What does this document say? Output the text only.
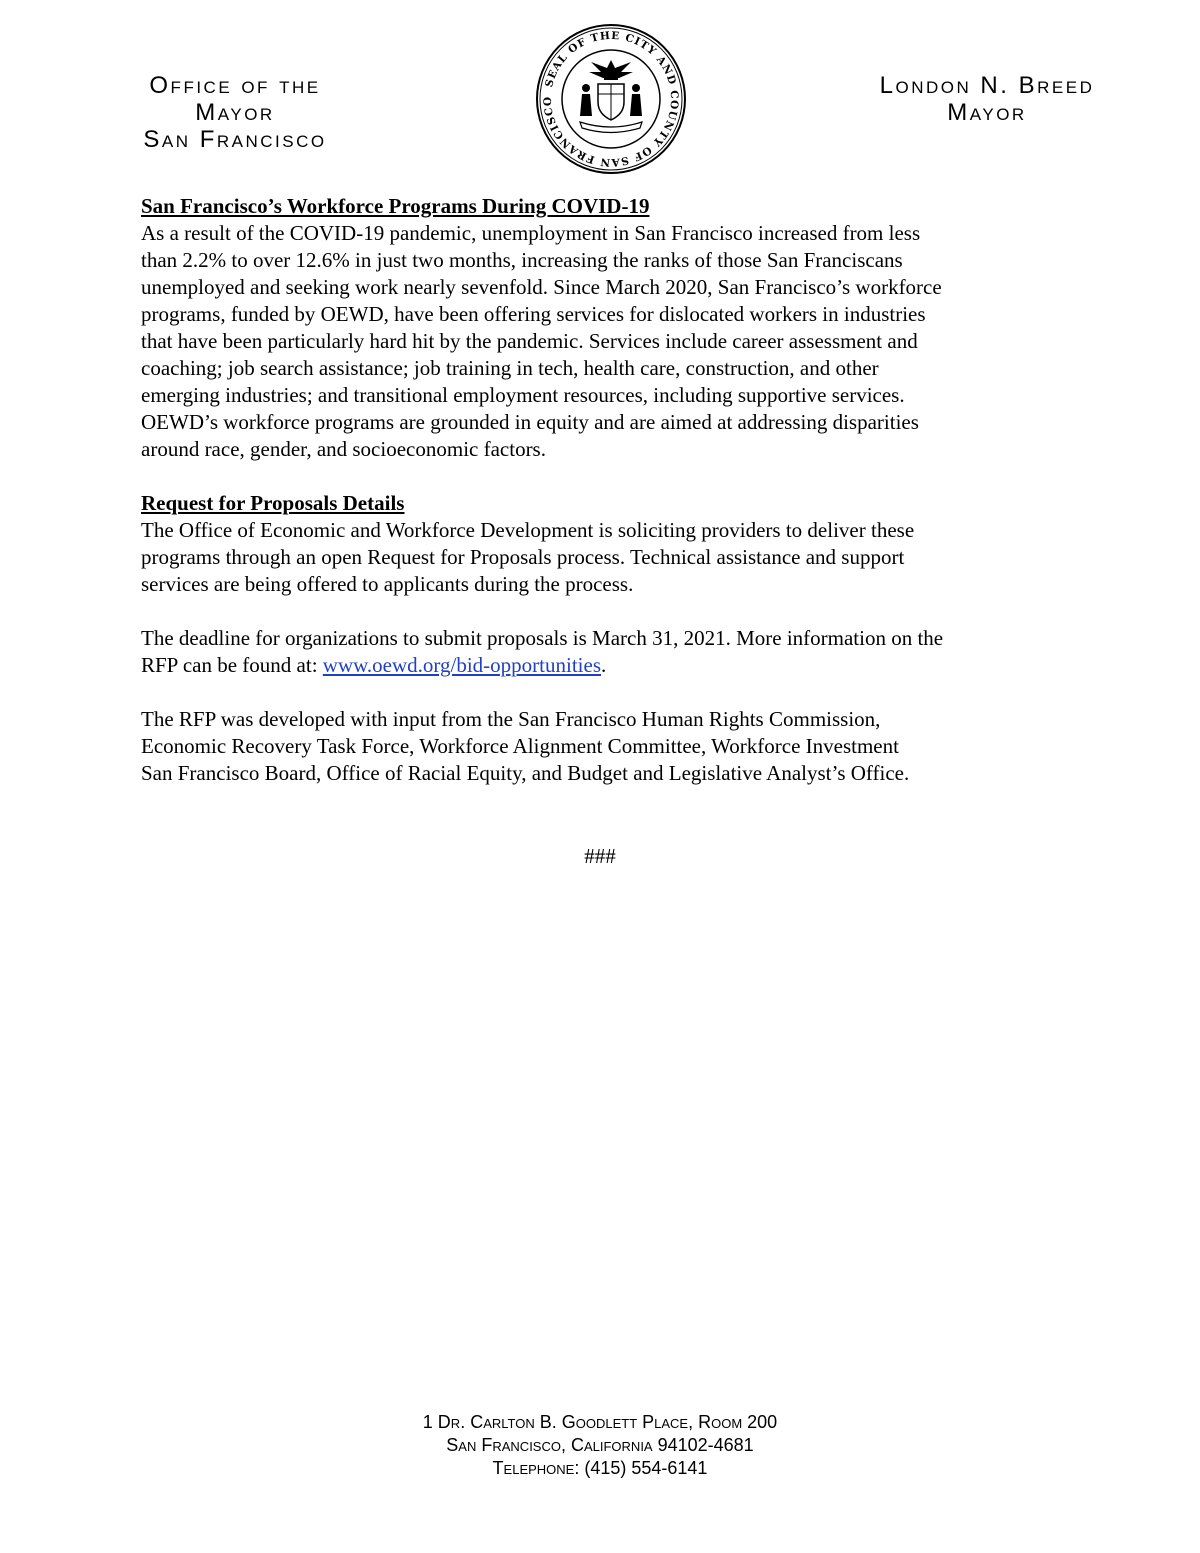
Office of the Mayor
San Francisco
SEAL OF THE CITY AND COUNTY OF SAN FRANCISCO
London N. Breed
Mayor

San Francisco’s Workforce Programs During COVID-19

As a result of the COVID-19 pandemic, unemployment in San Francisco increased from less
than 2.2% to over 12.6% in just two months, increasing the ranks of those San Franciscans
unemployed and seeking work nearly sevenfold. Since March 2020, San Francisco’s workforce
programs, funded by OEWD, have been offering services for dislocated workers in industries
that have been particularly hard hit by the pandemic. Services include career assessment and
coaching; job search assistance; job training in tech, health care, construction, and other
emerging industries; and transitional employment resources, including supportive services.
OEWD’s workforce programs are grounded in equity and are aimed at addressing disparities
around race, gender, and socioeconomic factors.

Request for Proposals Details

The Office of Economic and Workforce Development is soliciting providers to deliver these
programs through an open Request for Proposals process. Technical assistance and support
services are being offered to applicants during the process.

The deadline for organizations to submit proposals is March 31, 2021. More information on the
RFP can be found at: www.oewd.org/bid-opportunities.

The RFP was developed with input from the San Francisco Human Rights Commission,
Economic Recovery Task Force, Workforce Alignment Committee, Workforce Investment
San Francisco Board, Office of Racial Equity, and Budget and Legislative Analyst’s Office.

###
1 Dr. Carlton B. Goodlett Place, Room 200
San Francisco, California 94102-4681
Telephone: (415) 554-6141
